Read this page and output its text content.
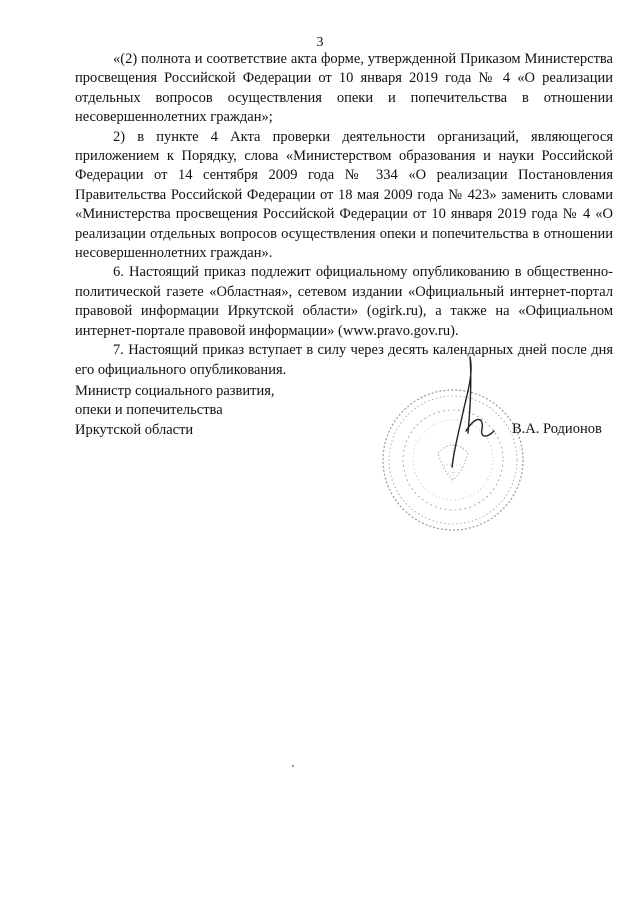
3

«(2) полнота и соответствие акта форме, утвержденной Приказом Министерства просвещения Российской Федерации от 10 января 2019 года № 4 «О реализации отдельных вопросов осуществления опеки и попечительства в отношении несовершеннолетних граждан»;

2) в пункте 4 Акта проверки деятельности организаций, являющегося приложением к Порядку, слова «Министерством образования и науки Российской Федерации от 14 сентября 2009 года № 334 «О реализации Постановления Правительства Российской Федерации от 18 мая 2009 года № 423» заменить словами «Министерства просвещения Российской Федерации от 10 января 2019 года № 4 «О реализации отдельных вопросов осуществления опеки и попечительства в отношении несовершеннолетних граждан».

6. Настоящий приказ подлежит официальному опубликованию в общественно-политической газете «Областная», сетевом издании «Официальный интернет-портал правовой информации Иркутской области» (ogirk.ru), а также на «Официальном интернет-портале правовой информации» (www.pravo.gov.ru).

7. Настоящий приказ вступает в силу через десять календарных дней после дня его официального опубликования.

Министр социального развития,
опеки и попечительства
Иркутской области	В.А. Родионов
